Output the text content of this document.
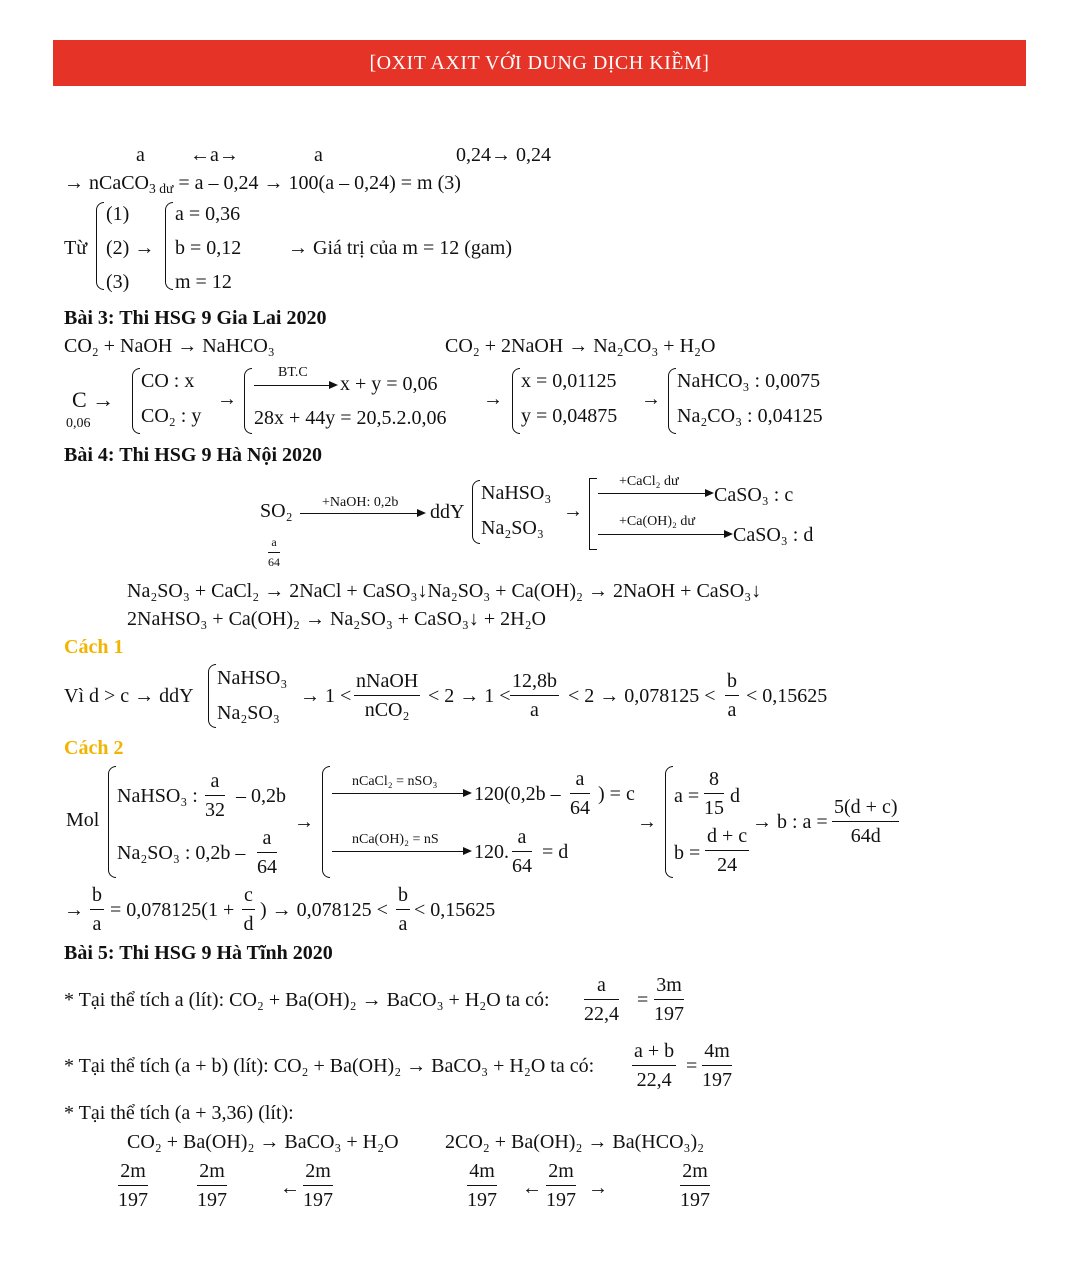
[OXIT AXIT VỚI DUNG DỊCH KIỀM]
a ←a→	a	0,24→ 0,24
→ nCaCO$_{3 dư}$ = a – 0,24 → 100(a – 0,24) = m (3)
Từ
(1)
(2) →
(3)
a = 0,36
b = 0,12
m = 12
→ Giá trị của m = 12 (gam)
Bài 3: Thi HSG 9 Gia Lai 2020
CO₂ + NaOH → NaHCO₃	CO₂ + 2NaOH → Na₂CO₃ + H₂O
C →
0,06
CO : x
CO₂ : y
→
BT.C
x + y = 0,06
28x + 44y = 20,5.2.0,06
→
x = 0,01125
y = 0,04875
→
NaHCO₃ : 0,0075
Na₂CO₃ : 0,04125
Bài 4: Thi HSG 9 Hà Nội 2020
SO₂
$\frac{a}{64}$
+NaOH: 0,2b ddY
NaHSO₃
Na₂SO₃
→
+CaCl₂ dư
CaSO₃ : c
+Ca(OH)₂ dư
CaSO₃ : d
Na₂SO₃ + CaCl₂ → 2NaCl + CaSO₃↓Na₂SO₃ + Ca(OH)₂ → 2NaOH + CaSO₃↓
2NaHSO₃ + Ca(OH)₂ → Na₂SO₃ + CaSO₃↓ + 2H₂O
Cách 1
Vì d > c → ddY
NaHSO₃
Na₂SO₃
→ 1 <
nNaOH
nCO₂
< $2 \to 1 < \frac{12,8b}{a} < 2 \to 0,078125 < \frac{b}{a} < 0,15625$
Cách 2
Mol
NaHSO₃ : $\frac{a}{32} - 0,2b$
Na₂SO₃ : $0,2b - \frac{a}{64}$
→
nCaCl₂ = nSO₃
$120(0,2b - \frac{a}{64}$ ) = c
nCa(OH)₂ = nS
120. $\frac{a}{64} = d$
→
$a = \frac{8}{15}$ d
$b = \frac{d + c}{24}$
→ b : $a = \frac{5(d + c)}{64d}$
→ $\frac{b}{a} = 0,078125(1 + \frac{c}{d}$ ) → $0,078125 < \frac{b}{a} < 0,15625$
Bài 5: Thi HSG 9 Hà Tĩnh 2020
* Tại thể tích a (lít): CO₂ + Ba(OH)₂ → BaCO₃ + H₂O ta có: $\frac{a}{22,4} = \frac{3m}{197}$
* Tại thể tích (a + b) (lít): CO₂ + Ba(OH)₂ → BaCO₃ + H₂O ta có: $\frac{a + b}{22,4} = \frac{4m}{197}$
* Tại thể tích (a + 3,36) (lít):
CO₂ + Ba(OH)₂ → BaCO₃ + H₂O 2CO₂ + Ba(OH)₂ → Ba(HCO₃)₂
$\frac{2m}{197} \frac{2m}{197}$	← $\frac{2m}{197}$	$\frac{4m}{197}$ ← $\frac{2m}{197}$ →	$\frac{2m}{197}$
